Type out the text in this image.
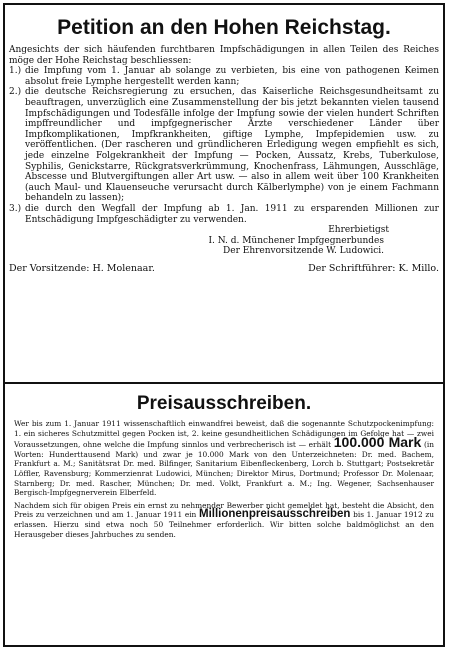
Petition an den Hohen Reichstag.

Angesichts der sich häufenden furchtbaren Impfschädigungen in allen Teilen des Reiches möge der Hohe Reichstag beschliessen:

1.) die Impfung vom 1. Januar ab solange zu verbieten, bis eine von pathogenen Keimen absolut freie Lymphe hergestellt werden kann;
2.) die deutsche Reichsregierung zu ersuchen, das Kaiserliche Reichsgesundheitsamt zu beauftragen, unverzüglich eine Zusammenstellung der bis jetzt bekannten vielen tausend Impfschädigungen und Todesfälle infolge der Impfung sowie der vielen hundert Schriften impffreundlicher und impfgegnerischer Ärzte verschiedener Länder über Impfkomplikationen, Impfkrankheiten, giftige Lymphe, Impfepidemien usw. zu veröffentlichen. (Der rascheren und gründlicheren Erledigung wegen empfiehlt es sich, jede einzelne Folgekrankheit der Impfung — Pocken, Aussatz, Krebs, Tuberkulose, Syphilis, Genickstarre, Rückgratsverkrümmung, Knochenfrass, Lähmungen, Ausschläge, Abscesse und Blutvergiftungen aller Art usw. — also in allem weit über 100 Krankheiten (auch Maul- und Klauenseuche verursacht durch Kälberlymphe) von je einem Fachmann behandeln zu lassen);
3.) die durch den Wegfall der Impfung ab 1. Jan. 1911 zu ersparenden Millionen zur Entschädigung Impfgeschädigter zu verwenden.
Ehrerbietigst
I. N. d. Münchener Impfgegnerbundes
Der Ehrenvorsitzende W. Ludowici.
Der Vorsitzende: H. Molenaar.	Der Schriftführer: K. Millo.
Preisausschreiben.

Wer bis zum 1. Januar 1911 wissenschaftlich einwandfrei beweist, daß die sogenannte Schutzpockenimpfung: 1. ein sicheres Schutzmittel gegen Pocken ist, 2. keine gesundheitlichen Schädigungen im Gefolge hat — zwei Voraussetzungen, ohne welche die Impfung sinnlos und verbrecherisch ist — erhält 100.000 Mark (in Worten: Hunderttausend Mark) und zwar je 10.000 Mark von den Unterzeichneten: Dr. med. Bachem, Frankfurt a. M.; Sanitätsrat Dr. med. Bilfinger, Sanitarium Eibenfleckenberg, Lorch b. Stuttgart; Postsekretär Löffler, Ravensburg; Kommerzienrat Ludowici, München; Direktor Mirus, Dortmund; Professor Dr. Molenaar, Starnberg; Dr. med. Rascher, München; Dr. med. Volkt, Frankfurt a. M.; Ing. Wegener, Sachsenhauser Bergisch-Impfgegnerverein Elberfeld.

Nachdem sich für obigen Preis ein ernst zu nehmender Bewerber nicht gemeldet hat, besteht die Absicht, den Preis zu verzeichnen und am 1. Januar 1911 ein Millionenpreisausschreiben bis 1. Januar 1912 zu erlassen. Hierzu sind etwa noch 50 Teilnehmer erforderlich. Wir bitten solche baldmöglichst an den Herausgeber dieses Jahrbuches zu senden.
